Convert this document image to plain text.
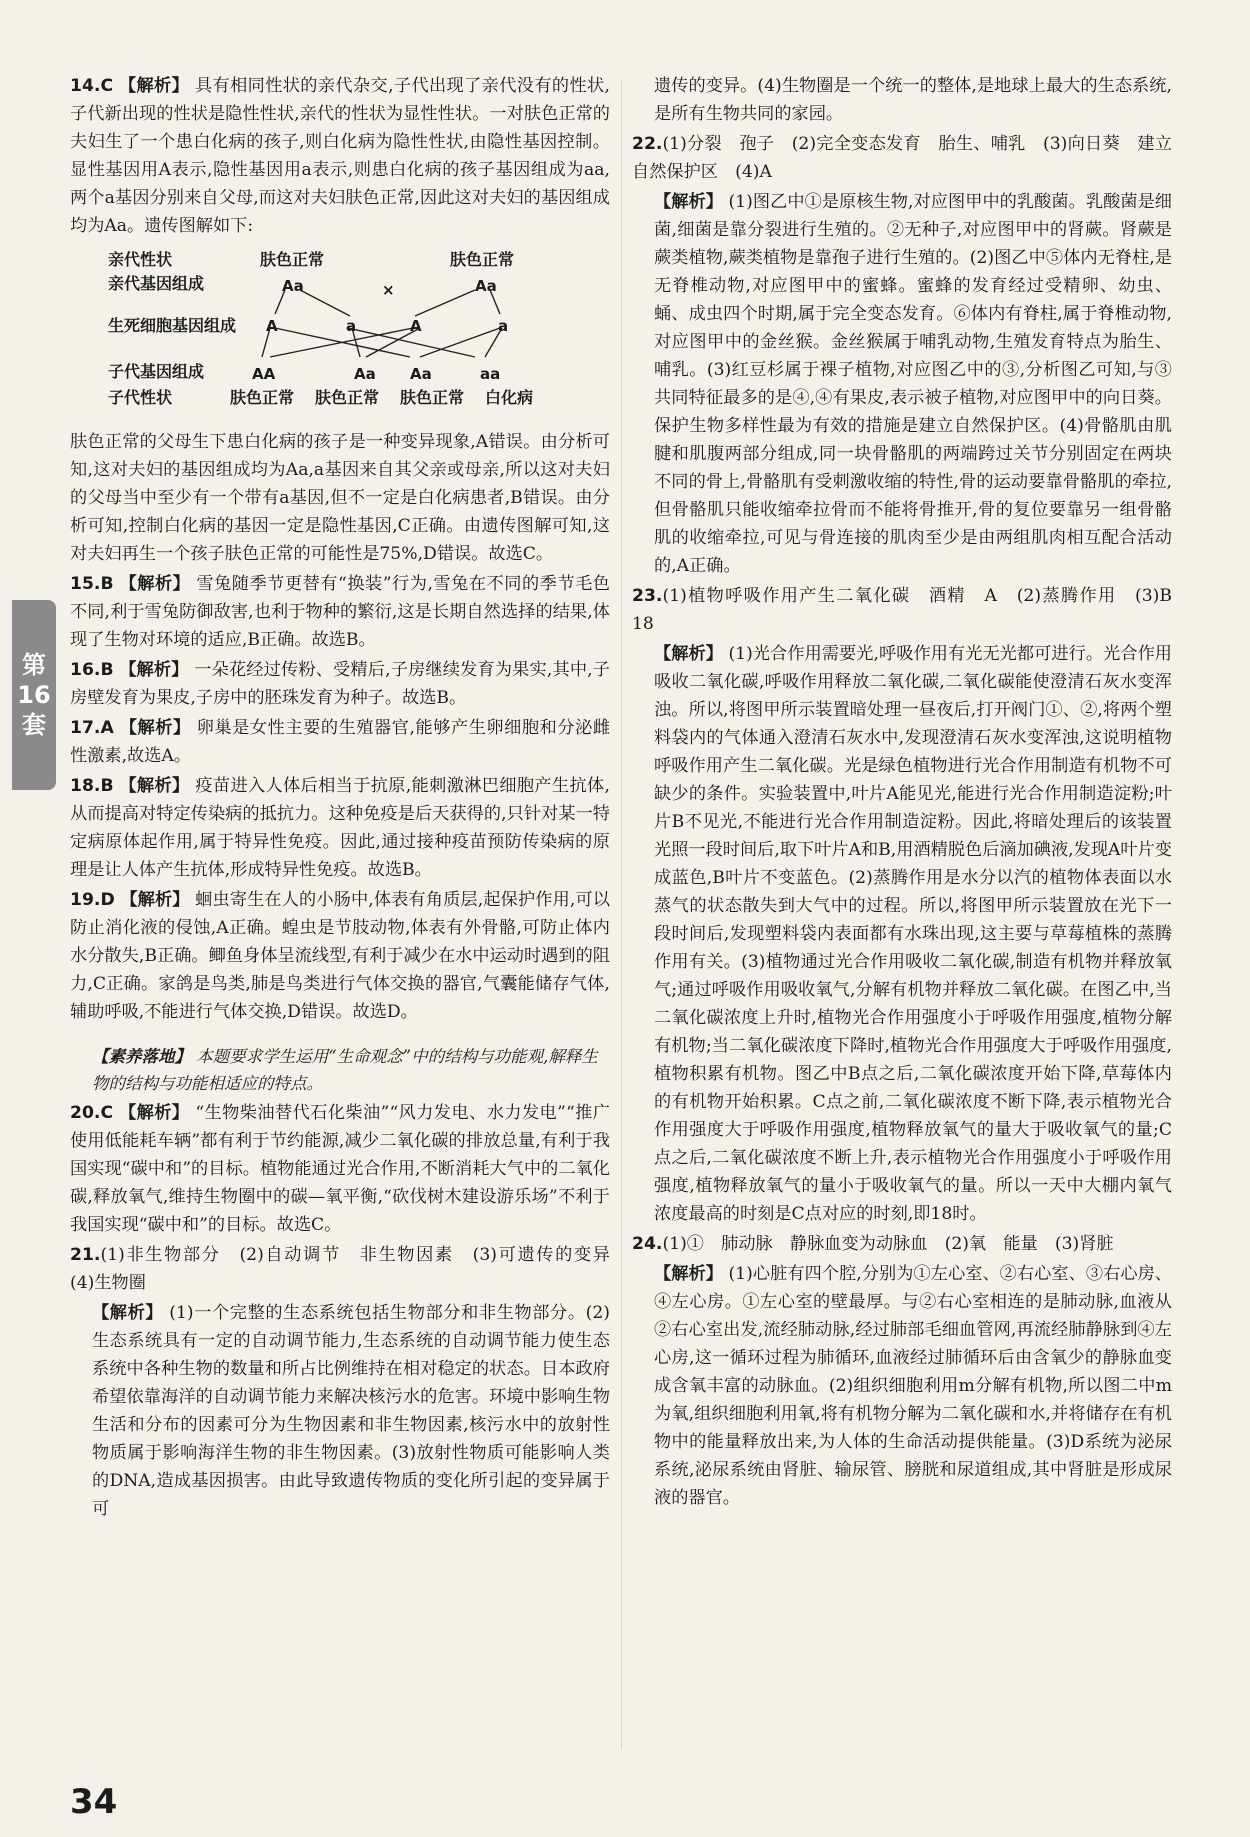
14.C 【解析】 具有相同性状的亲代杂交,子代出现了亲代没有的性状,子代新出现的性状是隐性性状,亲代的性状为显性性状。一对肤色正常的夫妇生了一个患白化病的孩子,则白化病为隐性性状,由隐性基因控制。显性基因用A表示,隐性基因用a表示,则患白化病的孩子基因组成为aa,两个a基因分别来自父母,而这对夫妇肤色正常,因此这对夫妇的基因组成均为Aa。遗传图解如下:

亲代性状	肤色正常	肤色正常
亲代基因组成	Aa	×	Aa
生死细胞基因组成 A	a	A	a
子代基因组成	AA	Aa Aa	aa
子代性状	肤色正常 肤色正常 肤色正常 白化病

肤色正常的父母生下患白化病的孩子是一种变异现象,A错误。由分析可知,这对夫妇的基因组成均为Aa,a基因来自其父亲或母亲,所以这对夫妇的父母当中至少有一个带有a基因,但不一定是白化病患者,B错误。由分析可知,控制白化病的基因一定是隐性基因,C正确。由遗传图解可知,这对夫妇再生一个孩子肤色正常的可能性是75%,D错误。故选C。

15.B 【解析】 雪兔随季节更替有“换装”行为,雪兔在不同的季节毛色不同,利于雪兔防御敌害,也利于物种的繁衍,这是长期自然选择的结果,体现了生物对环境的适应,B正确。故选B。

16.B 【解析】 一朵花经过传粉、受精后,子房继续发育为果实,其中,子房壁发育为果皮,子房中的胚珠发育为种子。故选B。

17.A 【解析】 卵巢是女性主要的生殖器官,能够产生卵细胞和分泌雌性激素,故选A。

18.B 【解析】 疫苗进入人体后相当于抗原,能刺激淋巴细胞产生抗体,从而提高对特定传染病的抵抗力。这种免疫是后天获得的,只针对某一特定病原体起作用,属于特异性免疫。因此,通过接种疫苗预防传染病的原理是让人体产生抗体,形成特异性免疫。故选B。

19.D 【解析】 蛔虫寄生在人的小肠中,体表有角质层,起保护作用,可以防止消化液的侵蚀,A正确。蝗虫是节肢动物,体表有外骨骼,可防止体内水分散失,B正确。鲫鱼身体呈流线型,有利于减少在水中运动时遇到的阻力,C正确。家鸽是鸟类,肺是鸟类进行气体交换的器官,气囊能储存气体,辅助呼吸,不能进行气体交换,D错误。故选D。

【素养落地】 本题要求学生运用“生命观念”中的结构与功能观,解释生物的结构与功能相适应的特点。

20.C 【解析】 “生物柴油替代石化柴油”“风力发电、水力发电”“推广使用低能耗车辆”都有利于节约能源,减少二氧化碳的排放总量,有利于我国实现“碳中和”的目标。植物能通过光合作用,不断消耗大气中的二氧化碳,释放氧气,维持生物圈中的碳—氧平衡,“砍伐树木建设游乐场”不利于我国实现“碳中和”的目标。故选C。

21.(1)非生物部分　(2)自动调节　非生物因素　(3)可遗传的变异　(4)生物圈

【解析】 (1)一个完整的生态系统包括生物部分和非生物部分。(2)生态系统具有一定的自动调节能力,生态系统的自动调节能力使生态系统中各种生物的数量和所占比例维持在相对稳定的状态。日本政府希望依靠海洋的自动调节能力来解决核污水的危害。环境中影响生物生活和分布的因素可分为生物因素和非生物因素,核污水中的放射性物质属于影响海洋生物的非生物因素。(3)放射性物质可能影响人类的DNA,造成基因损害。由此导致遗传物质的变化所引起的变异属于可

遗传的变异。(4)生物圈是一个统一的整体,是地球上最大的生态系统,是所有生物共同的家园。

22.(1)分裂　孢子　(2)完全变态发育　胎生、哺乳　(3)向日葵　建立自然保护区　(4)A

【解析】 (1)图乙中①是原核生物,对应图甲中的乳酸菌。乳酸菌是细菌,细菌是靠分裂进行生殖的。②无种子,对应图甲中的肾蕨。肾蕨是蕨类植物,蕨类植物是靠孢子进行生殖的。(2)图乙中⑤体内无脊柱,是无脊椎动物,对应图甲中的蜜蜂。蜜蜂的发育经过受精卵、幼虫、蛹、成虫四个时期,属于完全变态发育。⑥体内有脊柱,属于脊椎动物,对应图甲中的金丝猴。金丝猴属于哺乳动物,生殖发育特点为胎生、哺乳。(3)红豆杉属于裸子植物,对应图乙中的③,分析图乙可知,与③共同特征最多的是④,④有果皮,表示被子植物,对应图甲中的向日葵。保护生物多样性最为有效的措施是建立自然保护区。(4)骨骼肌由肌腱和肌腹两部分组成,同一块骨骼肌的两端跨过关节分别固定在两块不同的骨上,骨骼肌有受刺激收缩的特性,骨的运动要靠骨骼肌的牵拉,但骨骼肌只能收缩牵拉骨而不能将骨推开,骨的复位要靠另一组骨骼肌的收缩牵拉,可见与骨连接的肌肉至少是由两组肌肉相互配合活动的,A正确。

23.(1)植物呼吸作用产生二氧化碳　酒精　A　(2)蒸腾作用　(3)B　18

【解析】 (1)光合作用需要光,呼吸作用有光无光都可进行。光合作用吸收二氧化碳,呼吸作用释放二氧化碳,二氧化碳能使澄清石灰水变浑浊。所以,将图甲所示装置暗处理一昼夜后,打开阀门①、②,将两个塑料袋内的气体通入澄清石灰水中,发现澄清石灰水变浑浊,这说明植物呼吸作用产生二氧化碳。光是绿色植物进行光合作用制造有机物不可缺少的条件。实验装置中,叶片A能见光,能进行光合作用制造淀粉;叶片B不见光,不能进行光合作用制造淀粉。因此,将暗处理后的该装置光照一段时间后,取下叶片A和B,用酒精脱色后滴加碘液,发现A叶片变成蓝色,B叶片不变蓝色。(2)蒸腾作用是水分以汽的植物体表面以水蒸气的状态散失到大气中的过程。所以,将图甲所示装置放在光下一段时间后,发现塑料袋内表面都有水珠出现,这主要与草莓植株的蒸腾作用有关。(3)植物通过光合作用吸收二氧化碳,制造有机物并释放氧气;通过呼吸作用吸收氧气,分解有机物并释放二氧化碳。在图乙中,当二氧化碳浓度上升时,植物光合作用强度小于呼吸作用强度,植物分解有机物;当二氧化碳浓度下降时,植物光合作用强度大于呼吸作用强度,植物积累有机物。图乙中B点之后,二氧化碳浓度开始下降,草莓体内的有机物开始积累。C点之前,二氧化碳浓度不断下降,表示植物光合作用强度大于呼吸作用强度,植物释放氧气的量大于吸收氧气的量;C点之后,二氧化碳浓度不断上升,表示植物光合作用强度小于呼吸作用强度,植物释放氧气的量小于吸收氧气的量。所以一天中大棚内氧气浓度最高的时刻是C点对应的时刻,即18时。

24.(1)①　肺动脉　静脉血变为动脉血　(2)氧　能量　(3)肾脏

【解析】 (1)心脏有四个腔,分别为①左心室、②右心室、③右心房、④左心房。①左心室的壁最厚。与②右心室相连的是肺动脉,血液从②右心室出发,流经肺动脉,经过肺部毛细血管网,再流经肺静脉到④左心房,这一循环过程为肺循环,血液经过肺循环后由含氧少的静脉血变成含氧丰富的动脉血。(2)组织细胞利用m分解有机物,所以图二中m为氧,组织细胞利用氧,将有机物分解为二氧化碳和水,并将储存在有机物中的能量释放出来,为人体的生命活动提供能量。(3)D系统为泌尿系统,泌尿系统由肾脏、输尿管、膀胱和尿道组成,其中肾脏是形成尿液的器官。

第
16
套
34
